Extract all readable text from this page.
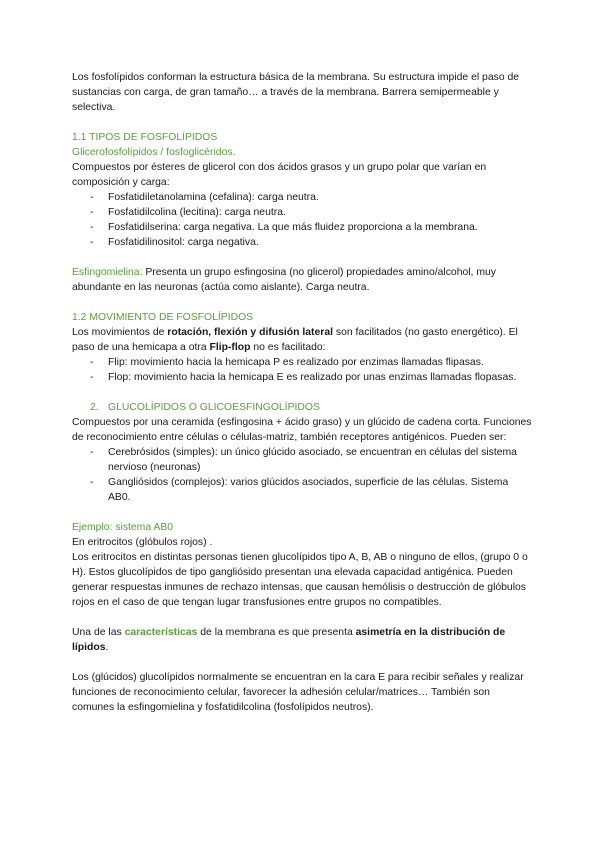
Los fosfolípidos conforman la estructura básica de la membrana. Su estructura impide el paso de sustancias con carga, de gran tamaño… a través de la membrana. Barrera semipermeable y selectiva.

1.1 TIPOS DE FOSFOLÍPIDOS

Glicerofosfolípidos / fosfoglicéridos.

Compuestos por ésteres de glicerol con dos ácidos grasos y un grupo polar que varían en composición y carga:

- Fosfatidiletanolamina (cefalina): carga neutra.
- Fosfatidilcolina (lecitina): carga neutra.
- Fosfatidilserina: carga negativa. La que más fluidez proporciona a la membrana.
- Fosfatidilinositol: carga negativa.

Esfingomielina: Presenta un grupo esfingosina (no glicerol) propiedades amino/alcohol, muy abundante en las neuronas (actúa como aislante). Carga neutra.

1.2 MOVIMIENTO DE FOSFOLÍPIDOS

Los movimientos de rotación, flexión y difusión lateral son facilitados (no gasto energético). El paso de una hemicapa a otra Flip-flop no es facilitado:

- Flip: movimiento hacia la hemicapa P es realizado por enzimas llamadas flipasas.
- Flop: movimiento hacia la hemicapa E es realizado por unas enzimas llamadas flopasas.

2. GLUCOLÍPIDOS O GLICOESFINGOLÍPIDOS

Compuestos por una ceramida (esfingosina + ácido graso) y un glúcido de cadena corta. Funciones de reconocimiento entre células o células-matriz, también receptores antigénicos. Pueden ser:

- Cerebrósidos (simples): un único glúcido asociado, se encuentran en células del sistema nervioso (neuronas)
- Gangliósidos (complejos): varios glúcidos asociados, superficie de las células. Sistema AB0.

Ejemplo: sistema AB0

En eritrocitos (glóbulos rojos) .

Los eritrocitos en distintas personas tienen glucolípidos tipo A, B, AB o ninguno de ellos, (grupo 0 o H). Estos glucolípidos de tipo gangliósido presentan una elevada capacidad antigénica. Pueden generar respuestas inmunes de rechazo intensas, que causan hemólisis o destrucción de glóbulos rojos en el caso de que tengan lugar transfusiones entre grupos no compatibles.

Una de las características de la membrana es que presenta asimetría en la distribución de lípidos.

Los (glúcidos) glucolípidos normalmente se encuentran en la cara E para recibir señales y realizar funciones de reconocimiento celular, favorecer la adhesión celular/matrices… También son comunes la esfingomielina y fosfatidilcolina (fosfolípidos neutros).
